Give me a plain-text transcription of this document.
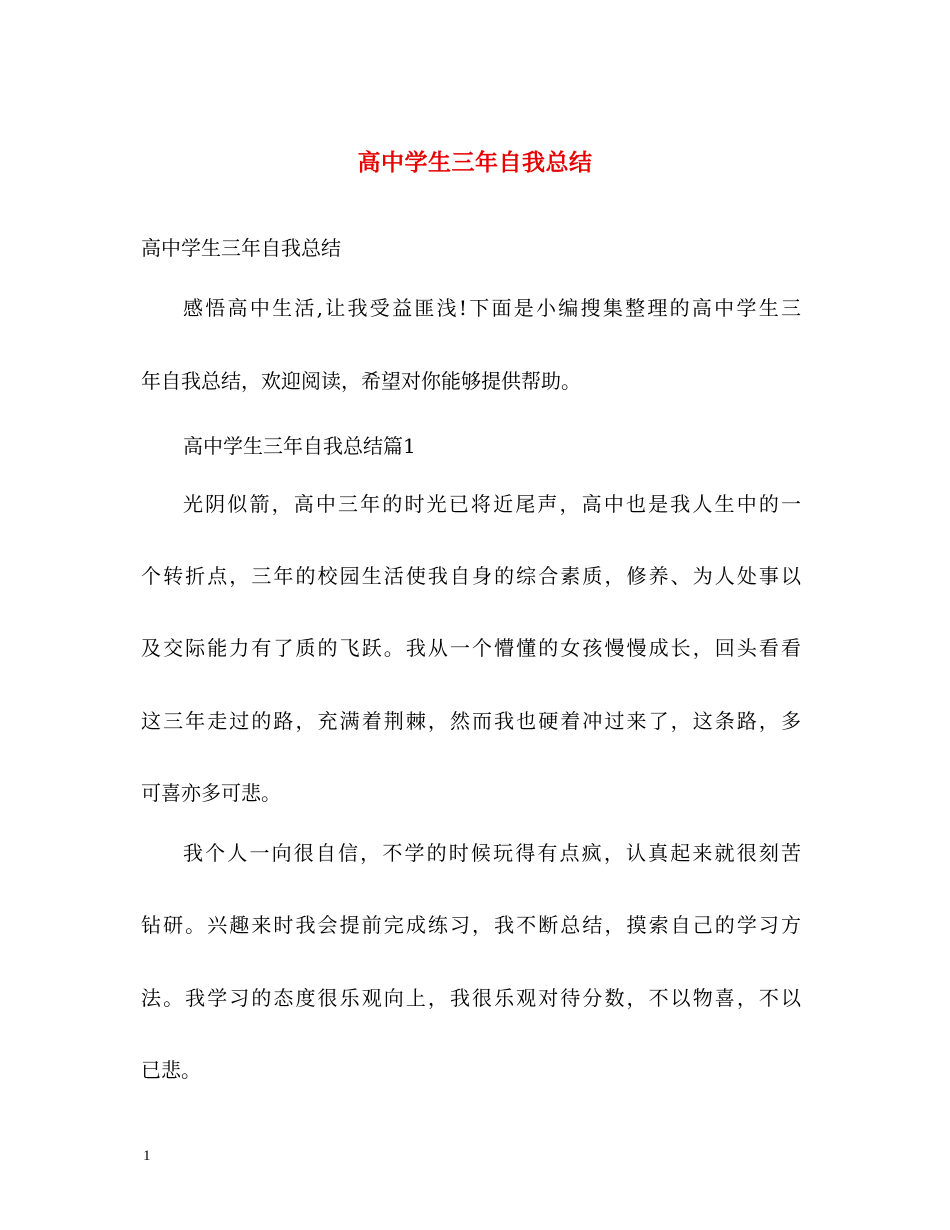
高中学生三年自我总结
高中学生三年自我总结
感悟高中生活,让我受益匪浅!下面是小编搜集整理的高中学生三
年自我总结，欢迎阅读，希望对你能够提供帮助。
高中学生三年自我总结篇1
光阴似箭，高中三年的时光已将近尾声，高中也是我人生中的一
个转折点，三年的校园生活使我自身的综合素质，修养、为人处事以
及交际能力有了质的飞跃。我从一个懵懂的女孩慢慢成长，回头看看
这三年走过的路，充满着荆棘，然而我也硬着冲过来了，这条路，多
可喜亦多可悲。
我个人一向很自信，不学的时候玩得有点疯，认真起来就很刻苦
钻研。兴趣来时我会提前完成练习，我不断总结，摸索自己的学习方
法。我学习的态度很乐观向上，我很乐观对待分数，不以物喜，不以
已悲。
1
